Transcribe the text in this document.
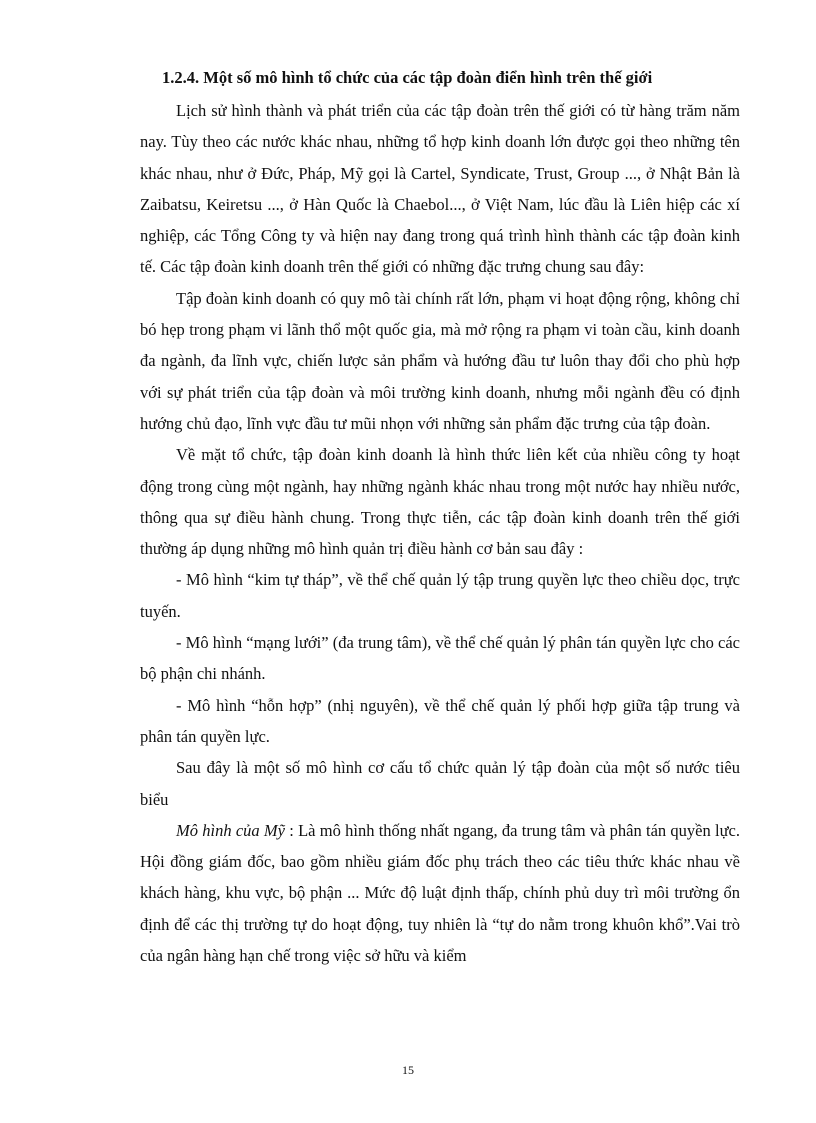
1.2.4. Một số mô hình tổ chức của các tập đoàn điển hình trên thế giới

Lịch sử hình thành và phát triển của các tập đoàn trên thế giới có từ hàng trăm năm nay. Tùy theo các nước khác nhau, những tổ hợp kinh doanh lớn được gọi theo những tên khác nhau, như ở Đức, Pháp, Mỹ gọi là Cartel, Syndicate, Trust, Group ..., ở Nhật Bản là Zaibatsu, Keiretsu ..., ở Hàn Quốc là Chaebol..., ở Việt Nam, lúc đầu là Liên hiệp các xí nghiệp, các Tổng Công ty và hiện nay đang trong quá trình hình thành các tập đoàn kinh tế. Các tập đoàn kinh doanh trên thế giới có những đặc trưng chung sau đây:

Tập đoàn kinh doanh có quy mô tài chính rất lớn, phạm vi hoạt động rộng, không chỉ bó hẹp trong phạm vi lãnh thổ một quốc gia, mà mở rộng ra phạm vi toàn cầu, kinh doanh đa ngành, đa lĩnh vực, chiến lược sản phẩm và hướng đầu tư luôn thay đổi cho phù hợp với sự phát triển của tập đoàn và môi trường kinh doanh, nhưng mỗi ngành đều có định hướng chủ đạo, lĩnh vực đầu tư mũi nhọn với những sản phẩm đặc trưng của tập đoàn.

Về mặt tổ chức, tập đoàn kinh doanh là hình thức liên kết của nhiều công ty hoạt động trong cùng một ngành, hay những ngành khác nhau trong một nước hay nhiều nước, thông qua sự điều hành chung. Trong thực tiễn, các tập đoàn kinh doanh trên thế giới thường áp dụng những mô hình quản trị điều hành cơ bản sau đây :

- Mô hình “kim tự tháp”, về thể chế quản lý tập trung quyền lực theo chiều dọc, trực tuyến.

- Mô hình “mạng lưới” (đa trung tâm), về thể chế quản lý phân tán quyền lực cho các bộ phận chi nhánh.

- Mô hình “hỗn hợp” (nhị nguyên), về thể chế quản lý phối hợp giữa tập trung và phân tán quyền lực.

Sau đây là một số mô hình cơ cấu tổ chức quản lý tập đoàn của một số nước tiêu biểu

Mô hình của Mỹ : Là mô hình thống nhất ngang, đa trung tâm và phân tán quyền lực. Hội đồng giám đốc, bao gồm nhiều giám đốc phụ trách theo các tiêu thức khác nhau về khách hàng, khu vực, bộ phận ... Mức độ luật định thấp, chính phủ duy trì môi trường ổn định để các thị trường tự do hoạt động, tuy nhiên là “tự do nằm trong khuôn khổ”.Vai trò của ngân hàng hạn chế trong việc sở hữu và kiểm

15
